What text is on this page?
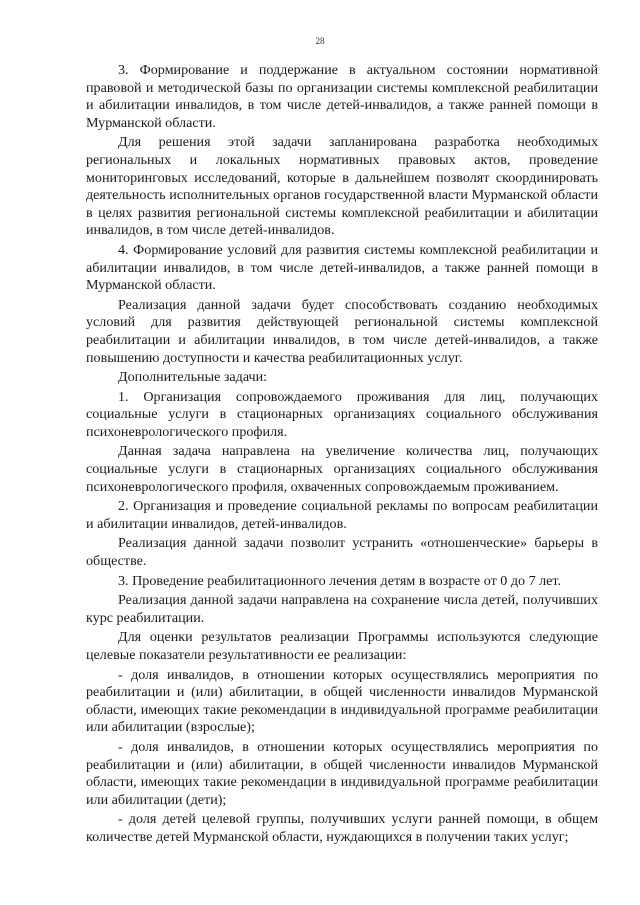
28

3. Формирование и поддержание в актуальном состоянии нормативной правовой и методической базы по организации системы комплексной реабилитации и абилитации инвалидов, в том числе детей-инвалидов, а также ранней помощи в Мурманской области.

Для решения этой задачи запланирована разработка необходимых региональных и локальных нормативных правовых актов, проведение мониторинговых исследований, которые в дальнейшем позволят скоординировать деятельность исполнительных органов государственной власти Мурманской области в целях развития региональной системы комплексной реабилитации и абилитации инвалидов, в том числе детей-инвалидов.

4. Формирование условий для развития системы комплексной реабилитации и абилитации инвалидов, в том числе детей-инвалидов, а также ранней помощи в Мурманской области.

Реализация данной задачи будет способствовать созданию необходимых условий для развития действующей региональной системы комплексной реабилитации и абилитации инвалидов, в том числе детей-инвалидов, а также повышению доступности и качества реабилитационных услуг.

Дополнительные задачи:

1. Организация сопровождаемого проживания для лиц, получающих социальные услуги в стационарных организациях социального обслуживания психоневрологического профиля.

Данная задача направлена на увеличение количества лиц, получающих социальные услуги в стационарных организациях социального обслуживания психоневрологического профиля, охваченных сопровождаемым проживанием.

2. Организация и проведение социальной рекламы по вопросам реабилитации и абилитации инвалидов, детей-инвалидов.

Реализация данной задачи позволит устранить «отношенческие» барьеры в обществе.

3. Проведение реабилитационного лечения детям в возрасте от 0 до 7 лет.

Реализация данной задачи направлена на сохранение числа детей, получивших курс реабилитации.

Для оценки результатов реализации Программы используются следующие целевые показатели результативности ее реализации:

- доля инвалидов, в отношении которых осуществлялись мероприятия по реабилитации и (или) абилитации, в общей численности инвалидов Мурманской области, имеющих такие рекомендации в индивидуальной программе реабилитации или абилитации (взрослые);

- доля инвалидов, в отношении которых осуществлялись мероприятия по реабилитации и (или) абилитации, в общей численности инвалидов Мурманской области, имеющих такие рекомендации в индивидуальной программе реабилитации или абилитации (дети);

- доля детей целевой группы, получивших услуги ранней помощи, в общем количестве детей Мурманской области, нуждающихся в получении таких услуг;
